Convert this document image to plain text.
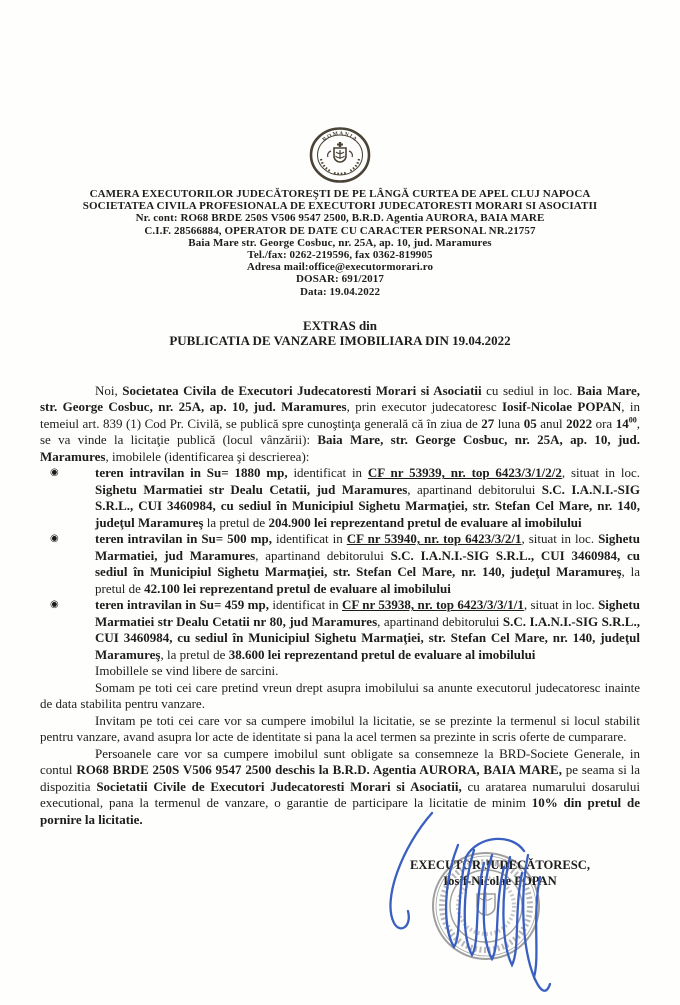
ROMANIA
CAMERA EXECUTORILOR JUDECĂTOREŞTI DE PE LÂNGĂ CURTEA DE APEL CLUJ NAPOCA
SOCIETATEA CIVILA PROFESIONALA DE EXECUTORI JUDECATORESTI MORARI SI ASOCIATII
Nr. cont: RO68 BRDE 250S V506 9547 2500, B.R.D. Agentia AURORA, BAIA MARE
C.I.F. 28566884, OPERATOR DE DATE CU CARACTER PERSONAL NR.21757
Baia Mare str. George Cosbuc, nr. 25A, ap. 10, jud. Maramures
Tel./fax: 0262-219596, fax 0362-819905
Adresa mail:office@executormorari.ro
DOSAR: 691/2017
Data: 19.04.2022
EXTRAS din
PUBLICATIA DE VANZARE IMOBILIARA DIN 19.04.2022

Noi, Societatea Civila de Executori Judecatoresti Morari si Asociatii cu sediul in loc. Baia Mare, str. George Cosbuc, nr. 25A, ap. 10, jud. Maramures, prin executor judecatoresc Iosif-Nicolae POPAN, in temeiul art. 839 (1) Cod Pr. Civilă, se publică spre cunoştinţa generală că în ziua de 27 luna 05 anul 2022 ora $14^{00}$, se va vinde la licitaţie publică (locul vânzării): Baia Mare, str. George Cosbuc, nr. 25A, ap. 10, jud. Maramures, imobilele (identificarea şi descrierea):

◉	teren intravilan in Su= 1880 mp, identificat in CF nr 53939, nr. top 6423/3/1/2/2, situat in loc. Sighetu Marmatiei str Dealu Cetatii, jud Maramures, apartinand debitorului S.C. I.A.N.I.-SIG S.R.L., CUI 3460984, cu sediul în Municipiul Sighetu Marmaţiei, str. Stefan Cel Mare, nr. 140, judeţul Maramureş la pretul de 204.900 lei reprezentand pretul de evaluare al imobilului
◉	teren intravilan in Su= 500 mp, identificat in CF nr 53940, nr. top 6423/3/2/1, situat in loc. Sighetu Marmatiei, jud Maramures, apartinand debitorului S.C. I.A.N.I.-SIG S.R.L., CUI 3460984, cu sediul în Municipiul Sighetu Marmaţiei, str. Stefan Cel Mare, nr. 140, judeţul Maramureş, la pretul de 42.100 lei reprezentand pretul de evaluare al imobilului
◉	teren intravilan in Su= 459 mp, identificat in CF nr 53938, nr. top 6423/3/3/1/1, situat in loc. Sighetu Marmatiei str Dealu Cetatii nr 80, jud Maramures, apartinand debitorului S.C. I.A.N.I.-SIG S.R.L., CUI 3460984, cu sediul în Municipiul Sighetu Marmaţiei, str. Stefan Cel Mare, nr. 140, judeţul Maramureş, la pretul de 38.600 lei reprezentand pretul de evaluare al imobilului

Imobillele se vind libere de sarcini.

Somam pe toti cei care pretind vreun drept asupra imobilului sa anunte executorul judecatoresc inainte de data stabilita pentru vanzare.

Invitam pe toti cei care vor sa cumpere imobilul la licitatie, se se prezinte la termenul si locul stabilit pentru vanzare, avand asupra lor acte de identitate si pana la acel termen sa prezinte in scris oferte de cumparare.

Persoanele care vor sa cumpere imobilul sunt obligate sa consemneze la BRD-Societe Generale, in contul RO68 BRDE 250S V506 9547 2500 deschis la B.R.D. Agentia AURORA, BAIA MARE, pe seama si la dispozitia Societatii Civile de Executori Judecatoresti Morari si Asociatii, cu aratarea numarului dosarului executional, pana la termenul de vanzare, o garantie de participare la licitatie de minim 10% din pretul de pornire la licitatie.

EXECUTOR JUDECĂTORESC,
Iosif-Nicolae POPAN
